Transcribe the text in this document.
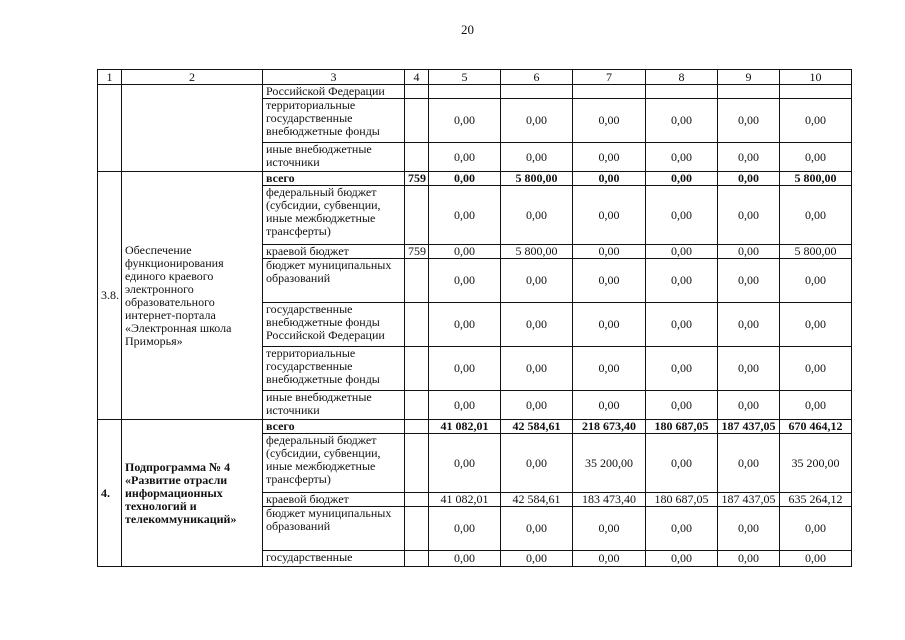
20
1	2	3	4	5	6	7	8	9	10
		Российской Федерации							
		территориальные государственные внебюджетные фонды		0,00	0,00	0,00	0,00	0,00	0,00
		иные внебюджетные источники		0,00	0,00	0,00	0,00	0,00	0,00
3.8.	Обеспечение функционирования единого краевого электронного образовательного интернет-портала «Электронная школа Приморья»	всего	759	0,00	5 800,00	0,00	0,00	0,00	5 800,00
		федеральный бюджет (субсидии, субвенции, иные межбюджетные трансферты)		0,00	0,00	0,00	0,00	0,00	0,00
		краевой бюджет	759	0,00	5 800,00	0,00	0,00	0,00	5 800,00
		бюджет муниципальных образований		0,00	0,00	0,00	0,00	0,00	0,00
		государственные внебюджетные фонды Российской Федерации		0,00	0,00	0,00	0,00	0,00	0,00
		территориальные государственные внебюджетные фонды		0,00	0,00	0,00	0,00	0,00	0,00
		иные внебюджетные источники		0,00	0,00	0,00	0,00	0,00	0,00
4.	Подпрограмма № 4 «Развитие отрасли информационных технологий и телекоммуникаций»	всего		41 082,01	42 584,61	218 673,40	180 687,05	187 437,05	670 464,12
		федеральный бюджет (субсидии, субвенции, иные межбюджетные трансферты)		0,00	0,00	35 200,00	0,00	0,00	35 200,00
		краевой бюджет		41 082,01	42 584,61	183 473,40	180 687,05	187 437,05	635 264,12
		бюджет муниципальных образований		0,00	0,00	0,00	0,00	0,00	0,00
		государственные		0,00	0,00	0,00	0,00	0,00	0,00
